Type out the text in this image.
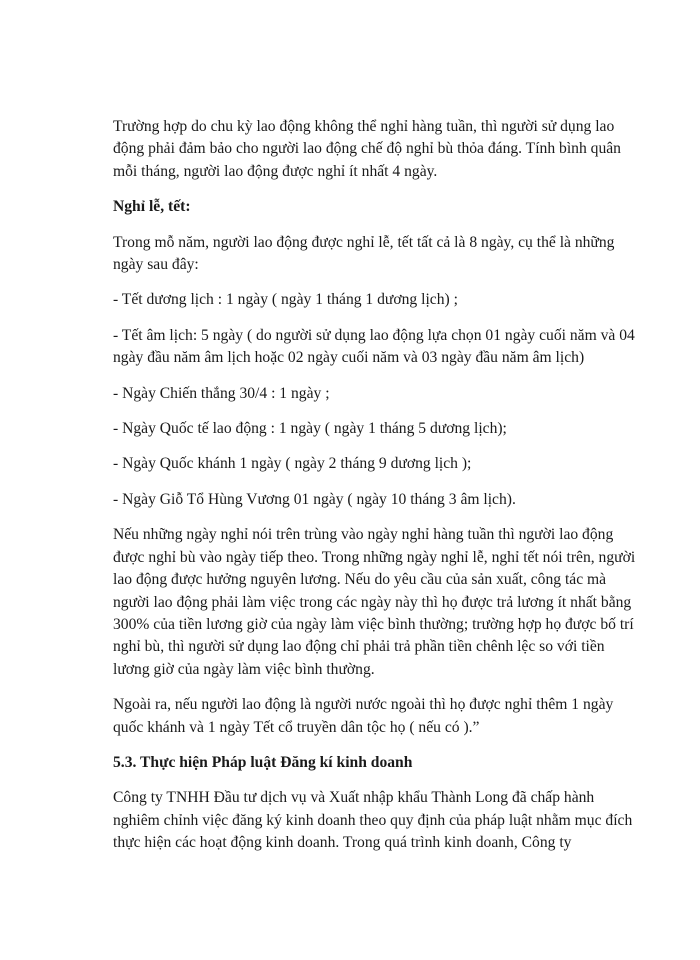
Trường hợp do chu kỳ lao động không thể nghỉ hàng tuần, thì người sử dụng lao động phải đảm bảo cho người lao động chế độ nghỉ bù thỏa đáng. Tính bình quân mỗi tháng, người lao động được nghỉ ít nhất 4 ngày.

Nghỉ lễ, tết:

Trong mỗ năm, người lao động được nghỉ lễ, tết tất cả là 8 ngày, cụ thể là những ngày sau đây:

- Tết dương lịch : 1 ngày ( ngày 1 tháng 1 dương lịch) ;

- Tết âm lịch: 5 ngày ( do người sử dụng lao động lựa chọn 01 ngày cuối năm và 04 ngày đầu năm âm lịch hoặc 02 ngày cuối năm và 03 ngày đầu năm âm lịch)

- Ngày Chiến thắng 30/4 : 1 ngày ;

- Ngày Quốc tế lao động : 1 ngày ( ngày 1 tháng 5 dương lịch);

- Ngày Quốc khánh 1 ngày ( ngày 2 tháng 9 dương lịch );

- Ngày Giỗ Tổ Hùng Vương 01 ngày ( ngày 10 tháng 3 âm lịch).

Nếu những ngày nghỉ nói trên trùng vào ngày nghỉ hàng tuần thì người lao động được nghỉ bù vào ngày tiếp theo. Trong những ngày nghỉ lễ, nghỉ tết nói trên, người lao động được hưởng nguyên lương. Nếu do yêu cầu của sản xuất, công tác mà người lao động phải làm việc trong các ngày này thì họ được trả lương ít nhất bằng 300% của tiền lương giờ của ngày làm việc bình thường; trường hợp họ được bố trí nghỉ bù, thì người sử dụng lao động chỉ phải trả phần tiền chênh lệc so với tiền lương giờ của ngày làm việc bình thường.

Ngoài ra, nếu người lao động là người nước ngoài thì họ được nghỉ thêm 1 ngày quốc khánh và 1 ngày Tết cổ truyền dân tộc họ ( nếu có ).”

5.3. Thực hiện Pháp luật Đăng kí kinh doanh

Công ty TNHH Đầu tư dịch vụ và Xuất nhập khẩu Thành Long đã chấp hành nghiêm chỉnh việc đăng ký kinh doanh theo quy định của pháp luật nhằm mục đích thực hiện các hoạt động kinh doanh. Trong quá trình kinh doanh, Công ty
